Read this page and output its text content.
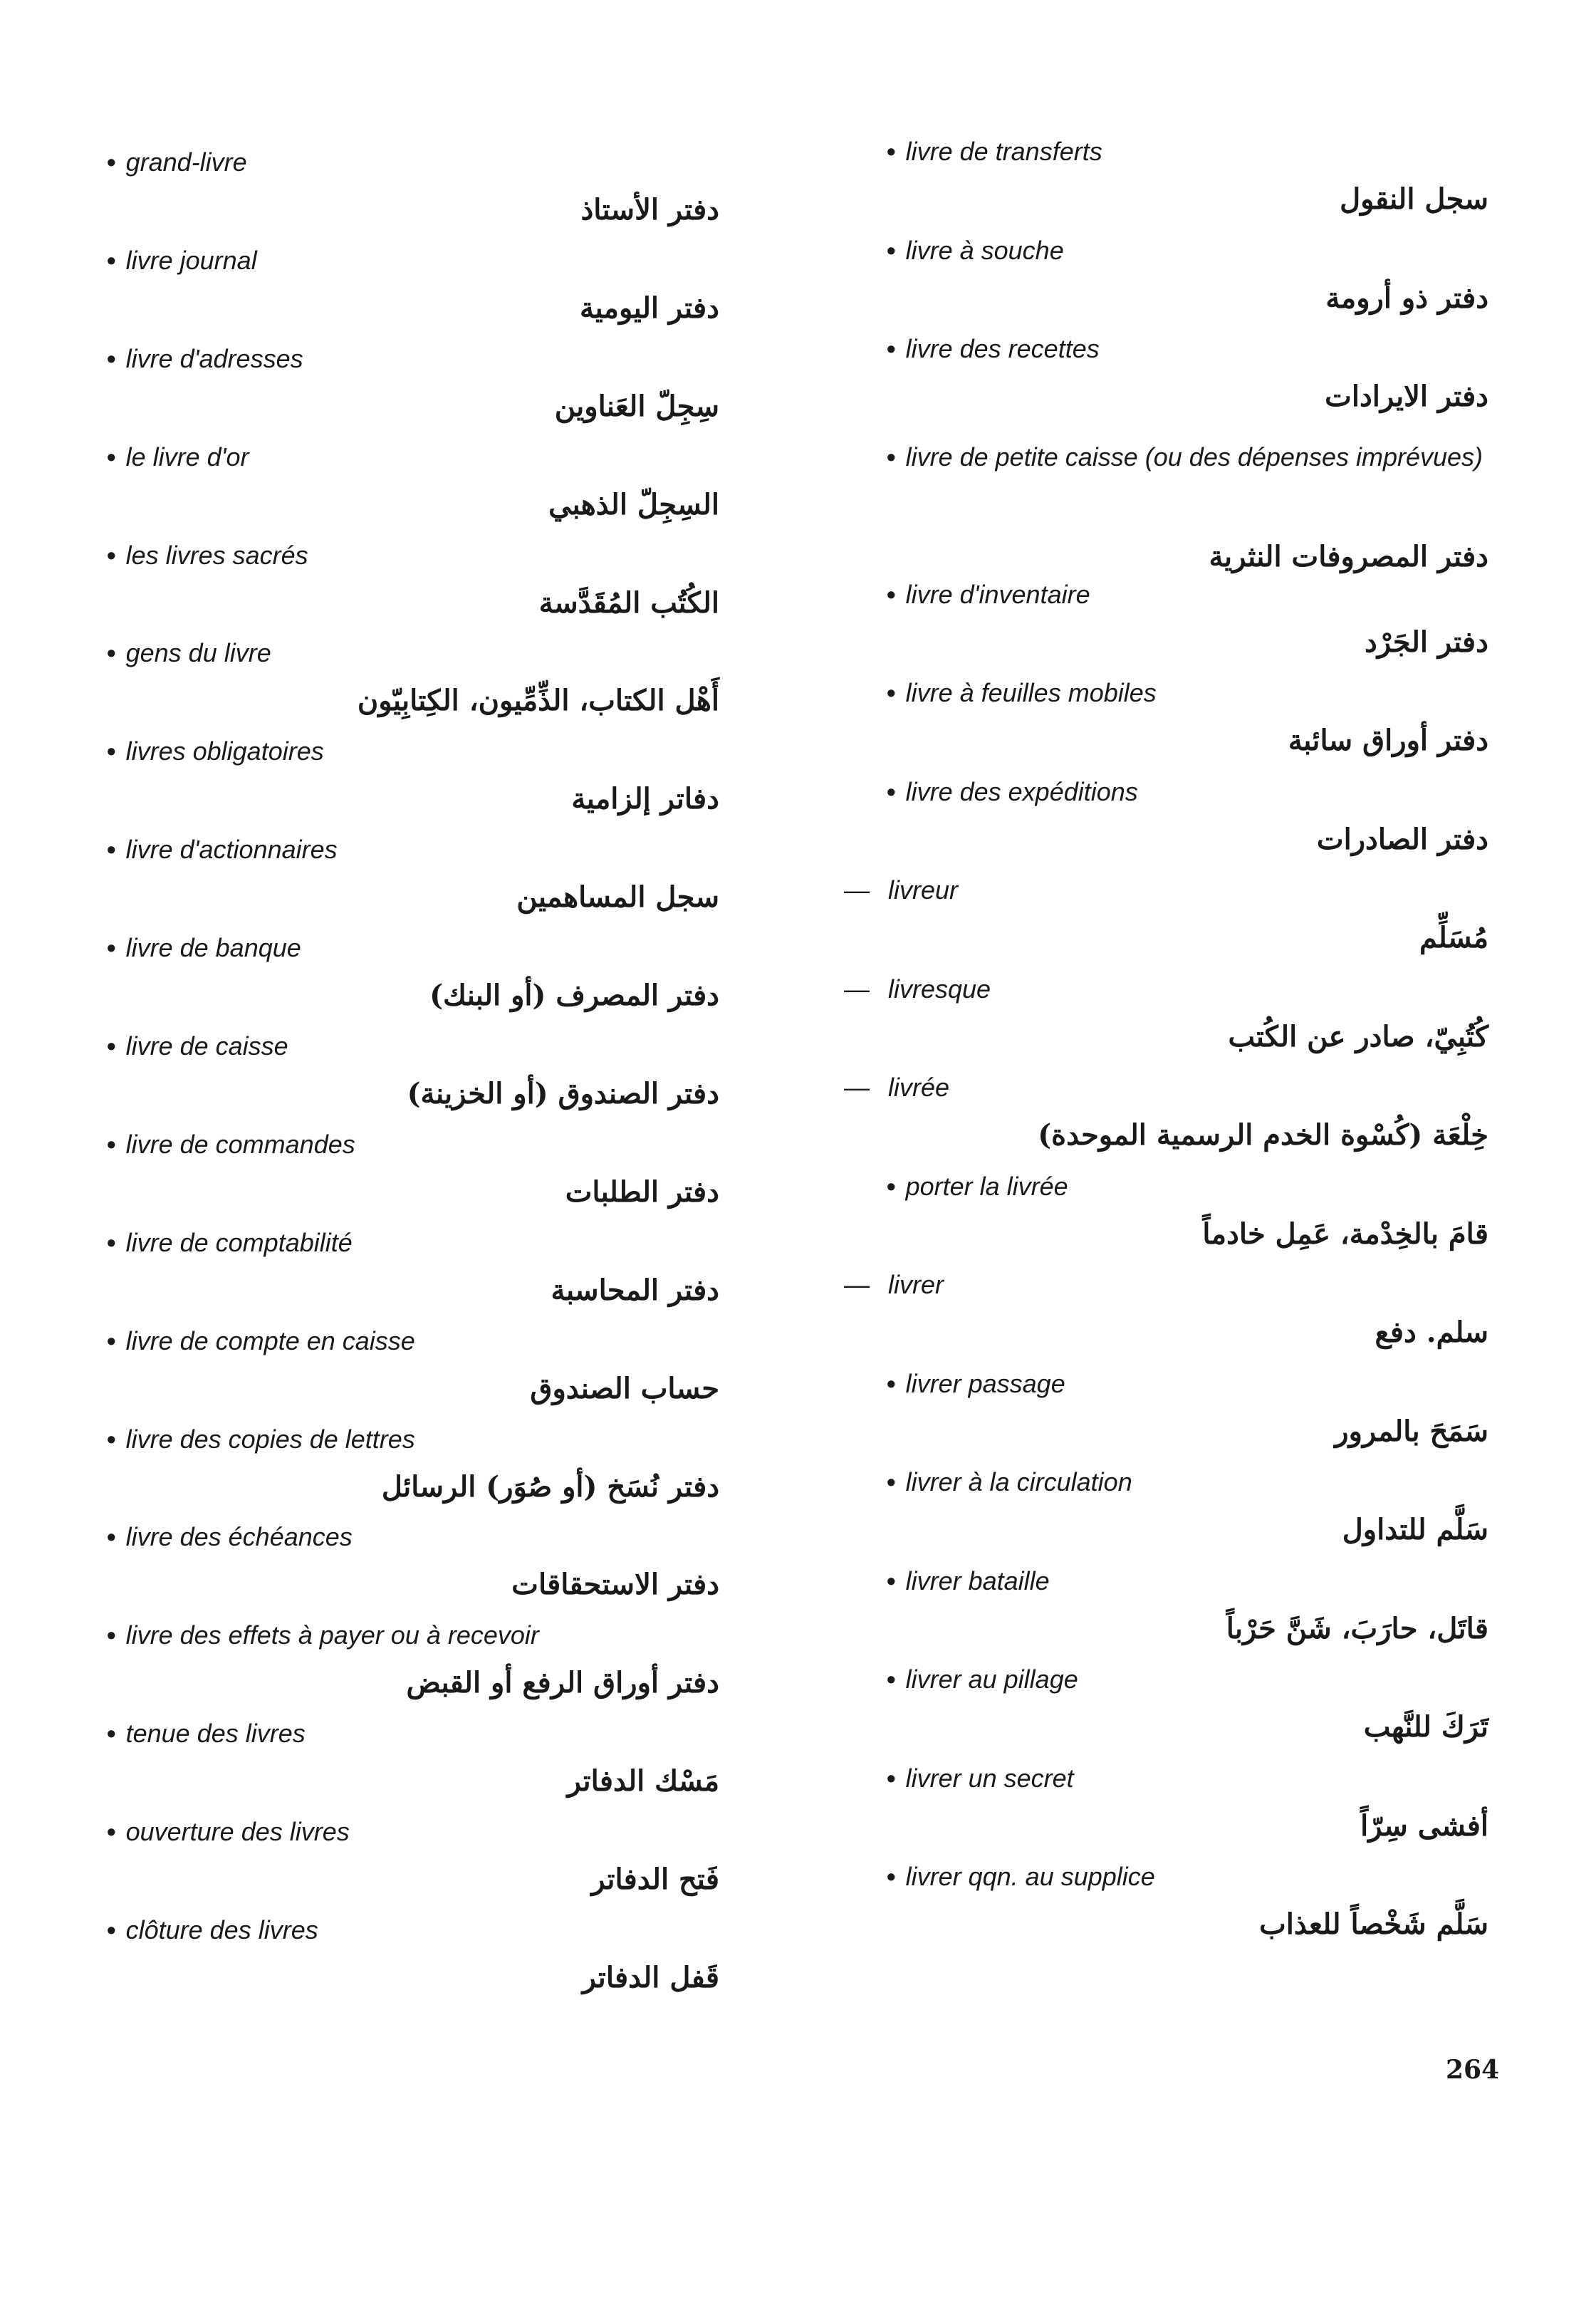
• grand-livre
دفتر الأستاذ
• livre journal
دفتر اليومية
• livre d'adresses
سِجِلّ العَناوين
• le livre d'or
السِجِلّ الذهبي
• les livres sacrés
الكُتُب المُقَدَّسة
• gens du livre
أَهْل الكتاب، الذِّمِّيون، الكِتابِيّون
• livres obligatoires
دفاتر إلزامية
• livre d'actionnaires
سجل المساهمين
• livre de banque
دفتر المصرف (أو البنك)
• livre de caisse
دفتر الصندوق (أو الخزينة)
• livre de commandes
دفتر الطلبات
• livre de comptabilité
دفتر المحاسبة
• livre de compte en caisse
حساب الصندوق
• livre des copies de lettres
دفتر نُسَخ (أو صُوَر) الرسائل
• livre des échéances
دفتر الاستحقاقات
• livre des effets à payer ou à recevoir
دفتر أوراق الرفع أو القبض
• tenue des livres
مَسْك الدفاتر
• ouverture des livres
فَتح الدفاتر
• clôture des livres
قَفل الدفاتر
• livre de transferts
سجل النقول
• livre à souche
دفتر ذو أرومة
• livre des recettes
دفتر الايرادات
• livre de petite caisse (ou des dépenses imprévues)
دفتر المصروفات النثرية
• livre d'inventaire
دفتر الجَرْد
• livre à feuilles mobiles
دفتر أوراق سائبة
• livre des expéditions
دفتر الصادرات
— livreur
مُسَلِّم
— livresque
كُتُبِيّ، صادر عن الكُتب
— livrée
خِلْعَة (كُسْوة الخدم الرسمية الموحدة)
• porter la livrée
قامَ بالخِدْمة، عَمِل خادماً
— livrer
سلم. دفع
• livrer passage
سَمَحَ بالمرور
• livrer à la circulation
سَلَّم للتداول
• livrer bataille
قاتَل، حارَبَ، شَنَّ حَرْباً
• livrer au pillage
تَرَكَ للنَّهب
• livrer un secret
أفشى سِرّاً
• livrer qqn. au supplice
سَلَّم شَخْصاً للعذاب
264
